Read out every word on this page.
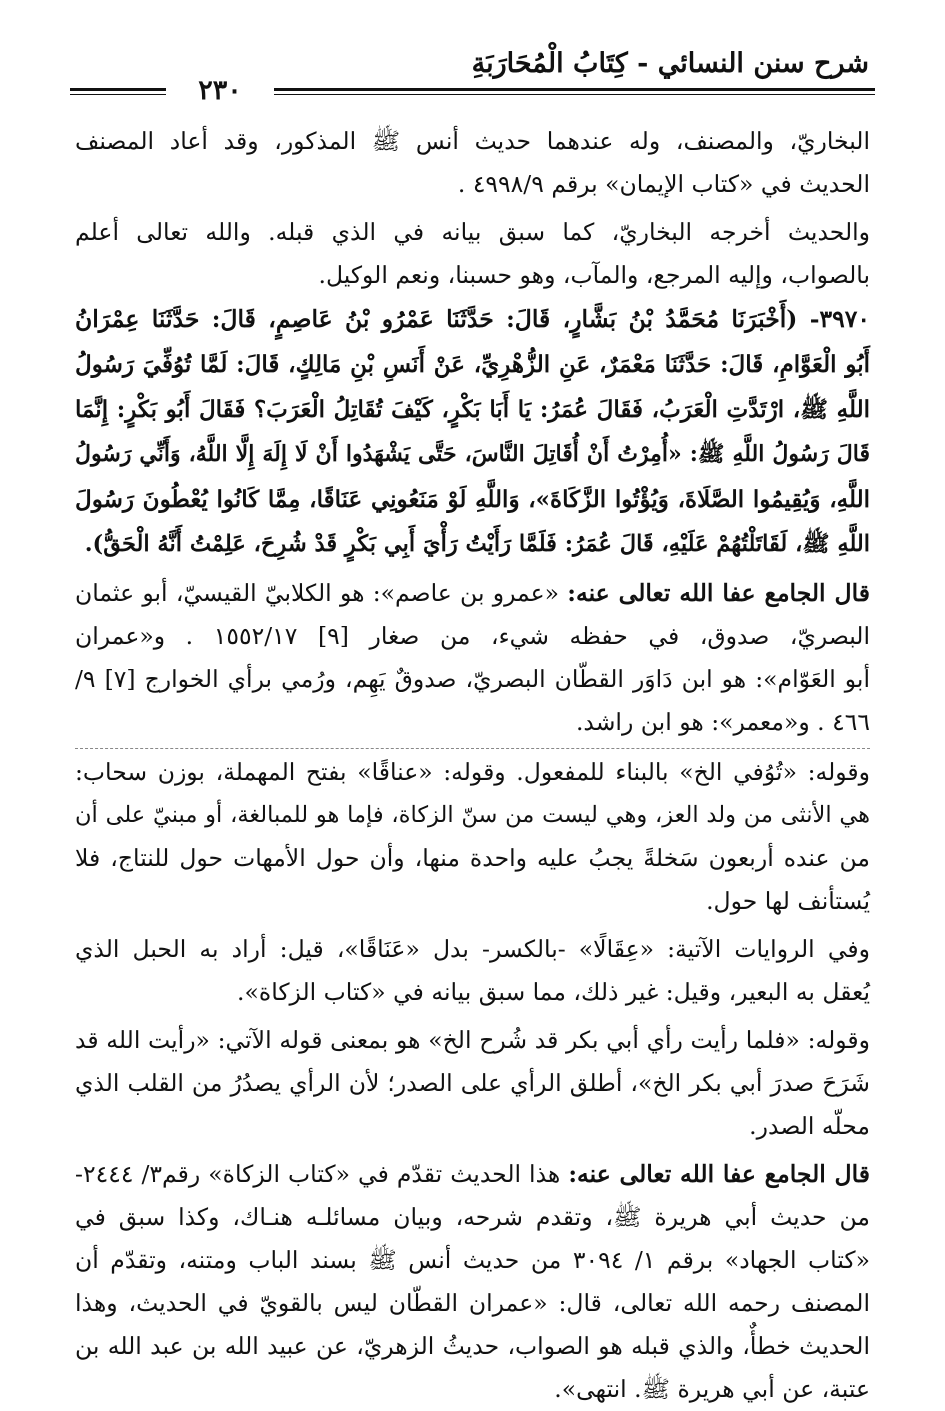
شرح سنن النسائي - كِتَابُ الْمُحَارَبَةِ
٢٣٠
البخاريّ، والمصنف، وله عندهما حديث أنس ﷺ المذكور، وقد أعاد المصنف
الحديث في «كتاب الإيمان» برقم ٤٩٩٨/٩ .
والحديث أخرجه البخاريّ، كما سبق بيانه في الذي قبله. والله تعالى أعلم
بالصواب، وإليه المرجع، والمآب، وهو حسبنا، ونعم الوكيل.
٣٩٧٠- (أَخْبَرَنَا مُحَمَّدُ بْنُ بَشَّارٍ، قَالَ: حَدَّثَنَا عَمْرُو بْنُ عَاصِمٍ، قَالَ: حَدَّثَنَا عِمْرَانُ
أَبُو الْعَوَّامِ، قَالَ: حَدَّثَنَا مَعْمَرٌ، عَنِ الزُّهْرِيِّ، عَنْ أَنَسِ بْنِ مَالِكٍ، قَالَ: لَمَّا تُوُفِّيَ رَسُولُ
اللَّهِ ﷺ، ارْتَدَّتِ الْعَرَبُ، فَقَالَ عُمَرُ: يَا أَبَا بَكْرٍ، كَيْفَ تُقَاتِلُ الْعَرَبَ؟ فَقَالَ أَبُو بَكْرٍ: إِنَّمَا
قَالَ رَسُولُ اللَّهِ ﷺ: «أُمِرْتُ أَنْ أُقَاتِلَ النَّاسَ، حَتَّى يَشْهَدُوا أَنْ لَا إِلَهَ إِلَّا اللَّهُ، وَأَنِّي رَسُولُ
اللَّهِ، وَيُقِيمُوا الصَّلَاةَ، وَيُؤْتُوا الزَّكَاةَ»، وَاللَّهِ لَوْ مَنَعُونِي عَنَاقًا، مِمَّا كَانُوا يُعْطُونَ رَسُولَ
اللَّهِ ﷺ، لَقَاتَلْتُهُمْ عَلَيْهِ، قَالَ عُمَرُ: فَلَمَّا رَأَيْتُ رَأْيَ أَبِي بَكْرٍ قَدْ شُرِحَ، عَلِمْتُ أَنَّهُ الْحَقُّ).
قال الجامع عفا الله تعالى عنه: «عمرو بن عاصم»: هو الكلابيّ القيسيّ، أبو عثمان
البصريّ، صدوق، في حفظه شيء، من صغار [٩] ١٥٥٢/١٧ . و«عمران
أبو العَوّام»: هو ابن دَاوَر القطّان البصريّ، صدوقٌ يَهِم، ورُمي برأي الخوارج [٧] ٩/
٤٦٦ . و«معمر»: هو ابن راشد.
وقوله: «تُوُفي الخ» بالبناء للمفعول. وقوله: «عناقًا» بفتح المهملة، بوزن سحاب:
هي الأنثى من ولد العز، وهي ليست من سنّ الزكاة، فإما هو للمبالغة، أو مبنيّ على أن
من عنده أربعون سَخلةً يجبُ عليه واحدة منها، وأن حول الأمهات حول للنتاج، فلا
يُستأنف لها حول.
وفي الروايات الآتية: «عِقَالًا» -بالكسر- بدل «عَنَاقًا»، قيل: أراد به الحبل الذي
يُعقل به البعير، وقيل: غير ذلك، مما سبق بيانه في «كتاب الزكاة».
وقوله: «فلما رأيت رأي أبي بكر قد شُرح الخ» هو بمعنى قوله الآتي: «رأيت الله قد
شَرَحَ صدرَ أبي بكر الخ»، أطلق الرأي على الصدر؛ لأن الرأي يصدُرُ من القلب الذي
محلّه الصدر.
قال الجامع عفا الله تعالى عنه: هذا الحديث تقدّم في «كتاب الزكاة» رقم٣/ ٢٤٤٤-
من حديث أبي هريرة ﷺ، وتقدم شرحه، وبيان مسائلـه هنـاك، وكذا سبق في
«كتاب الجهاد» برقم ١/ ٣٠٩٤ من حديث أنس ﷺ بسند الباب ومتنه، وتقدّم أن
المصنف رحمه الله تعالى، قال: «عمران القطّان ليس بالقويّ في الحديث، وهذا
الحديث خطأٌ، والذي قبله هو الصواب، حديثُ الزهريّ، عن عبيد الله بن عبد الله بن
عتبة، عن أبي هريرة ﷺ. انتهى».
